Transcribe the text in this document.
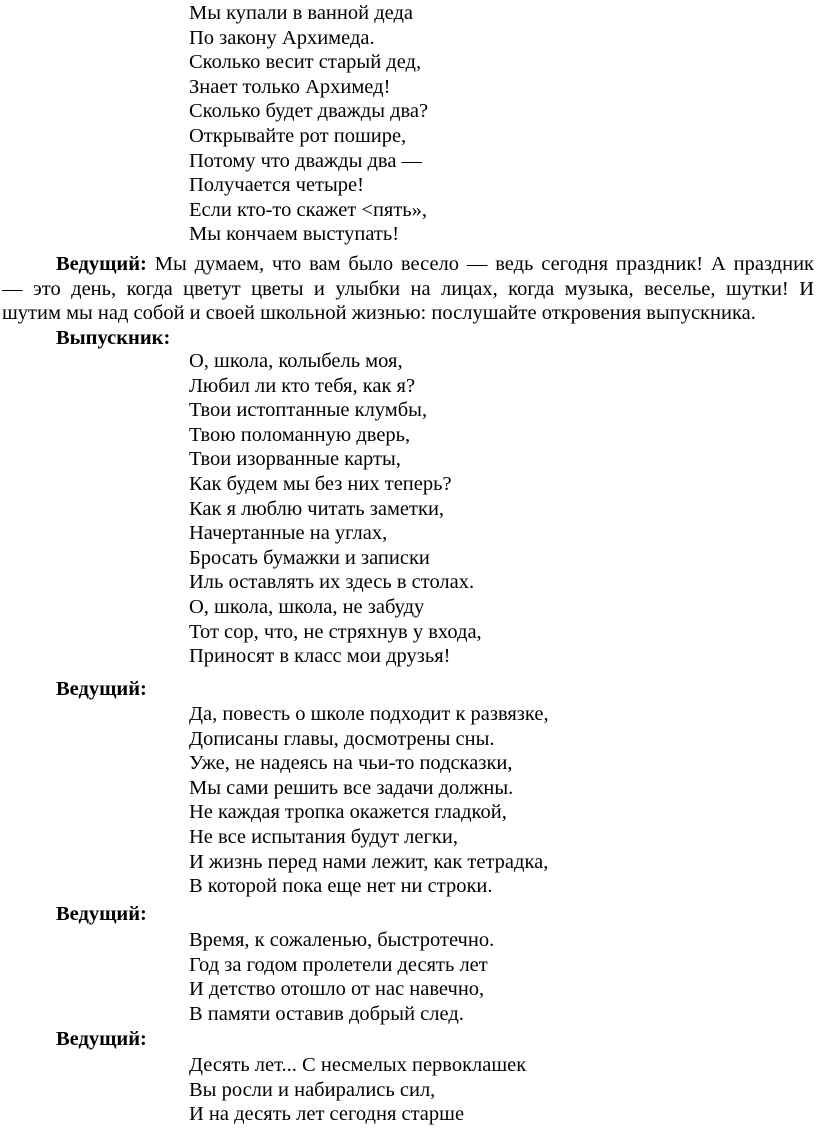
Мы купали в ванной деда
По закону Архимеда.
Сколько весит старый дед,
Знает только Архимед!
Сколько будет дважды два?
Открывайте рот пошире,
Потому что дважды два —
Получается четыре!
Если кто-то скажет <пять»,
Мы кончаем выступать!
Ведущий: Мы думаем, что вам было весело — ведь сегодня праздник! А праздник
— это день, когда цветут цветы и улыбки на лицах, когда музыка, веселье, шутки! И
шутим мы над собой и своей школьной жизнью: послушайте откровения выпускника.
Выпускник:
О, школа, колыбель моя,
Любил ли кто тебя, как я?
Твои истоптанные клумбы,
Твою поломанную дверь,
Твои изорванные карты,
Как будем мы без них теперь?
Как я люблю читать заметки,
Начертанные на углах,
Бросать бумажки и записки
Иль оставлять их здесь в столах.
О, школа, школа, не забуду
Тот сор, что, не стряхнув у входа,
Приносят в класс мои друзья!
Ведущий:
Да, повесть о школе подходит к развязке,
Дописаны главы, досмотрены сны.
Уже, не надеясь на чьи-то подсказки,
Мы сами решить все задачи должны.
Не каждая тропка окажется гладкой,
Не все испытания будут легки,
И жизнь перед нами лежит, как тетрадка,
В которой пока еще нет ни строки.
Ведущий:
Время, к сожаленью, быстротечно.
Год за годом пролетели десять лет
И детство отошло от нас навечно,
В памяти оставив добрый след.
Ведущий:
Десять лет... С несмелых первоклашек
Вы росли и набирались сил,
И на десять лет сегодня старше
